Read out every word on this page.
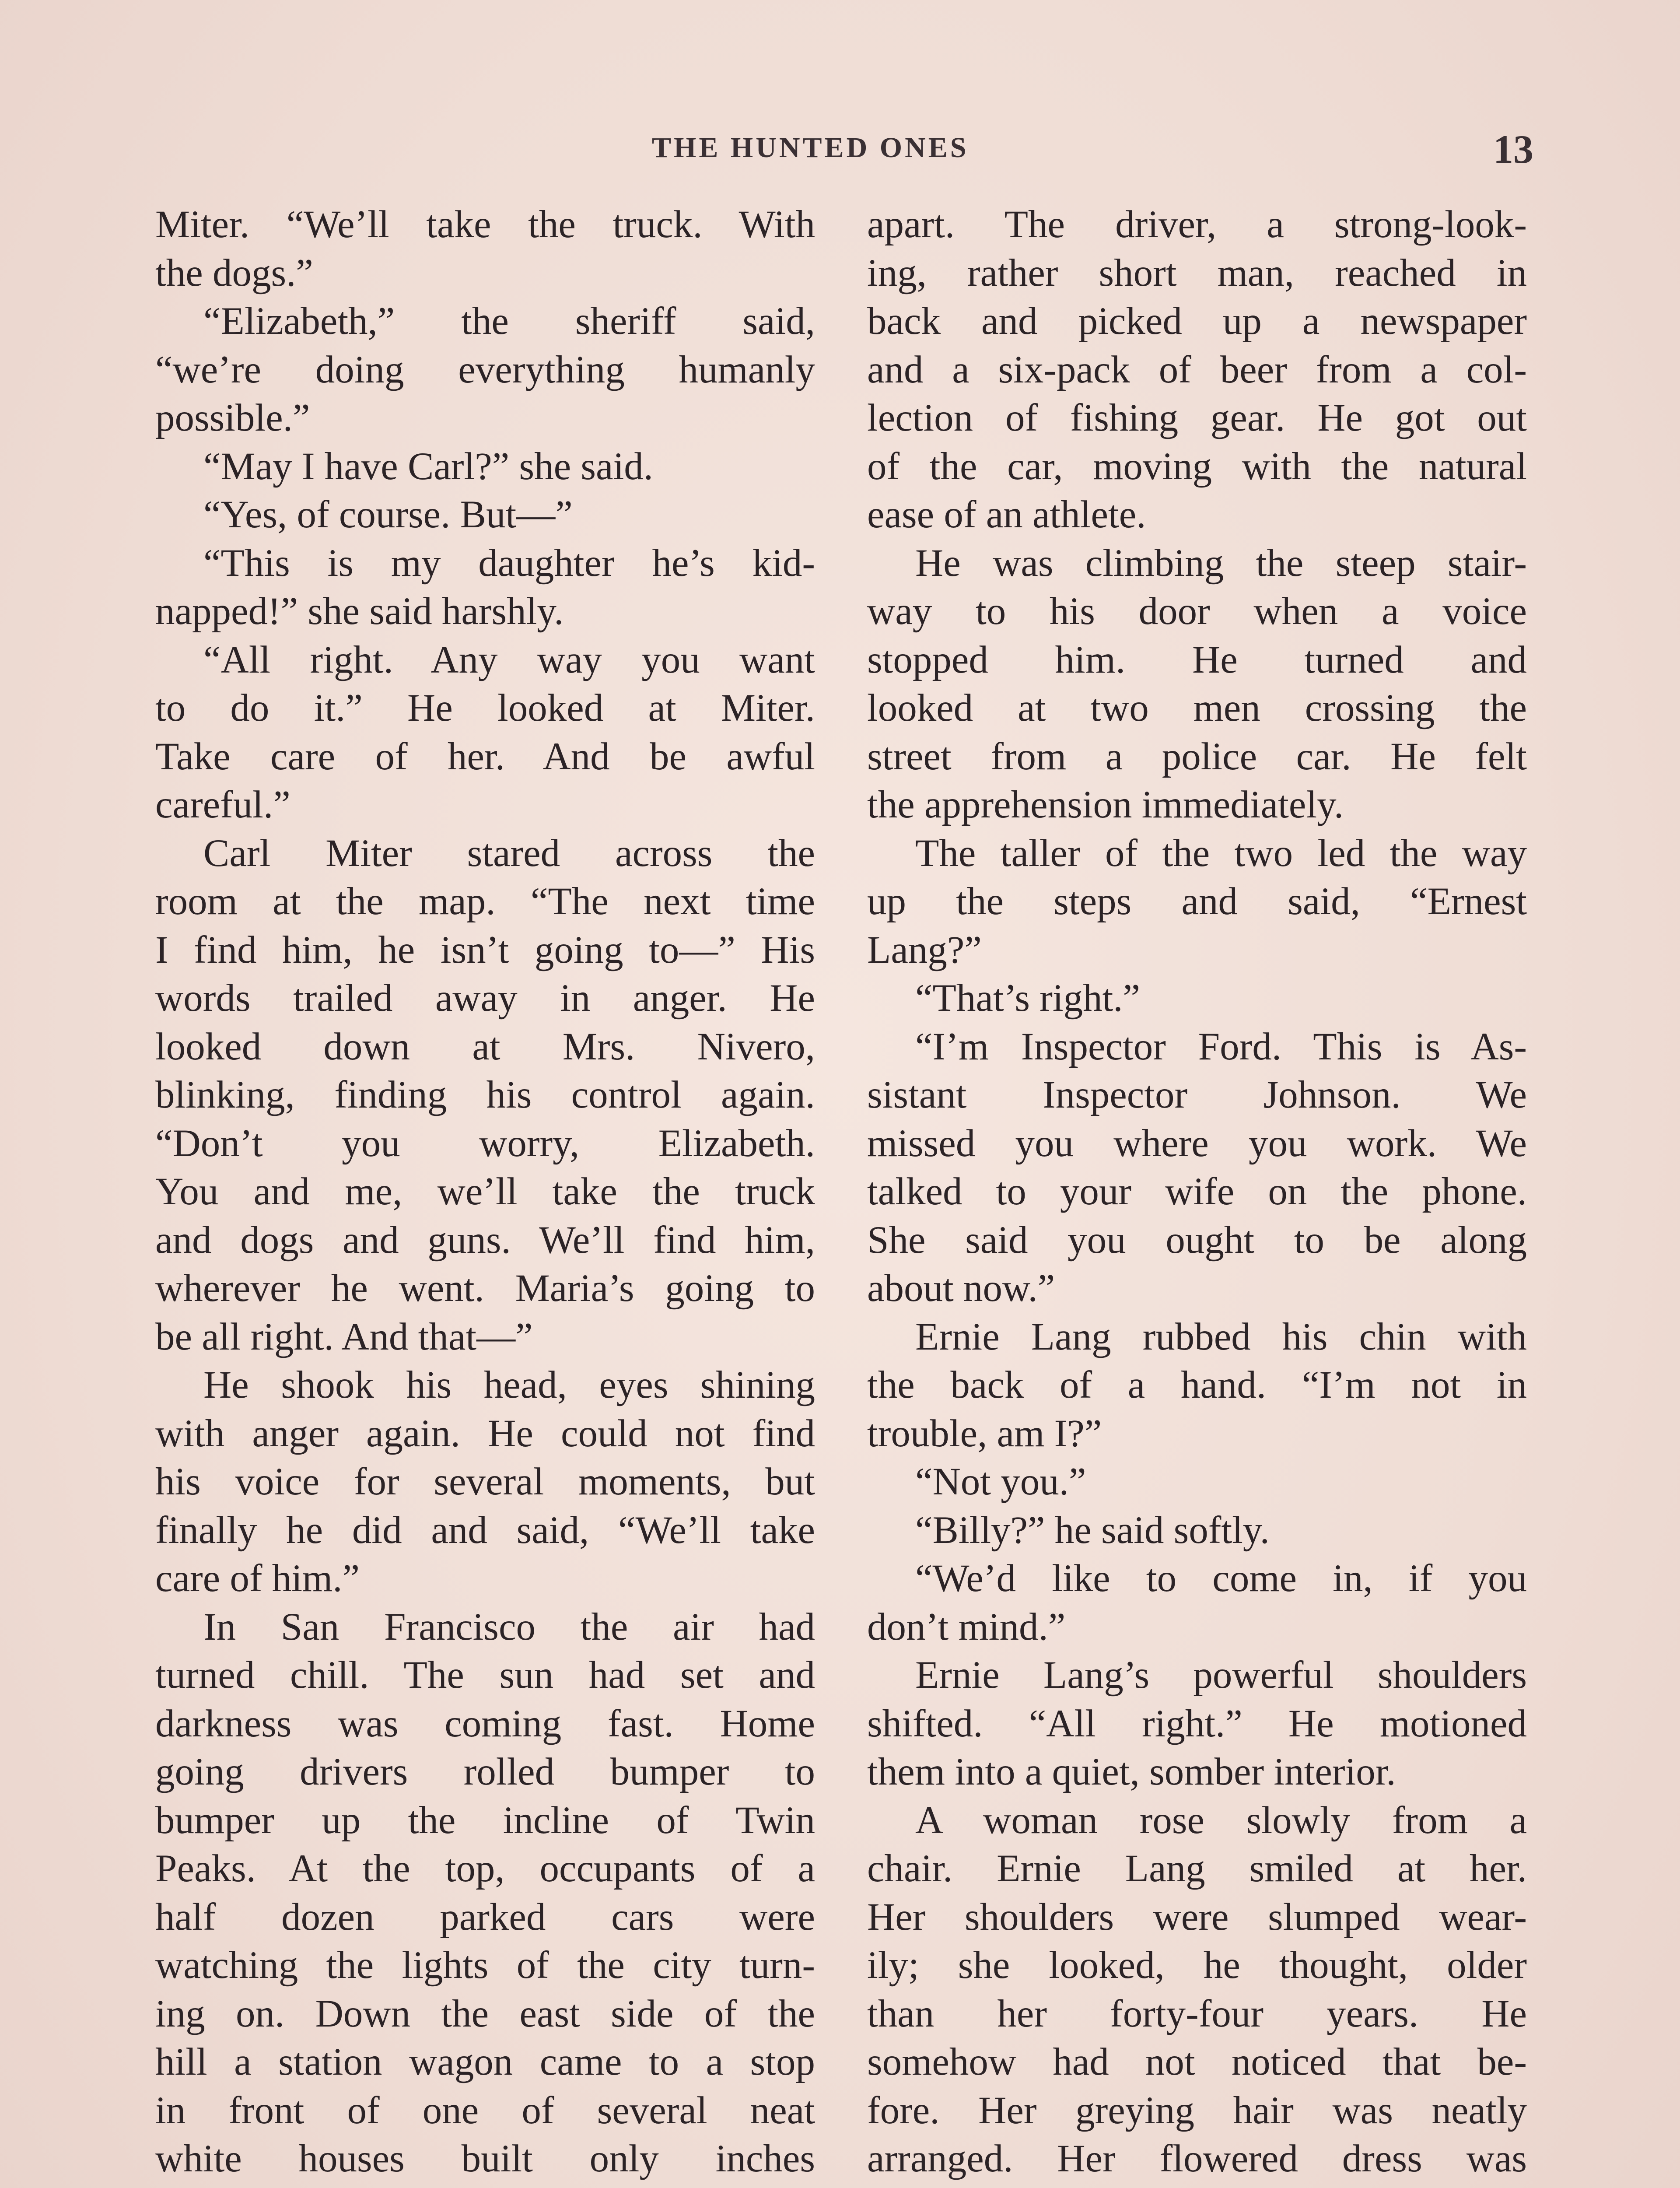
THE HUNTED ONES	13
Miter. “We’ll take the truck. With
the dogs.”
“Elizabeth,” the sheriff said,
“we’re doing everything humanly
possible.”
“May I have Carl?” she said.
“Yes, of course. But—”
“This is my daughter he’s kid-
napped!” she said harshly.
“All right. Any way you want
to do it.” He looked at Miter.
Take care of her. And be awful
careful.”
Carl Miter stared across the
room at the map. “The next time
I find him, he isn’t going to—” His
words trailed away in anger. He
looked down at Mrs. Nivero,
blinking, finding his control again.
“Don’t you worry, Elizabeth.
You and me, we’ll take the truck
and dogs and guns. We’ll find him,
wherever he went. Maria’s going to
be all right. And that—”
He shook his head, eyes shining
with anger again. He could not find
his voice for several moments, but
finally he did and said, “We’ll take
care of him.”
In San Francisco the air had
turned chill. The sun had set and
darkness was coming fast. Home
going drivers rolled bumper to
bumper up the incline of Twin
Peaks. At the top, occupants of a
half dozen parked cars were
watching the lights of the city turn-
ing on. Down the east side of the
hill a station wagon came to a stop
in front of one of several neat
white houses built only inches
apart. The driver, a strong-look-
ing, rather short man, reached in
back and picked up a newspaper
and a six-pack of beer from a col-
lection of fishing gear. He got out
of the car, moving with the natural
ease of an athlete.
He was climbing the steep stair-
way to his door when a voice
stopped him. He turned and
looked at two men crossing the
street from a police car. He felt
the apprehension immediately.
The taller of the two led the way
up the steps and said, “Ernest
Lang?”
“That’s right.”
“I’m Inspector Ford. This is As-
sistant Inspector Johnson. We
missed you where you work. We
talked to your wife on the phone.
She said you ought to be along
about now.”
Ernie Lang rubbed his chin with
the back of a hand. “I’m not in
trouble, am I?”
“Not you.”
“Billy?” he said softly.
“We’d like to come in, if you
don’t mind.”
Ernie Lang’s powerful shoulders
shifted. “All right.” He motioned
them into a quiet, somber interior.
A woman rose slowly from a
chair. Ernie Lang smiled at her.
Her shoulders were slumped wear-
ily; she looked, he thought, older
than her forty-four years. He
somehow had not noticed that be-
fore. Her greying hair was neatly
arranged. Her flowered dress was
